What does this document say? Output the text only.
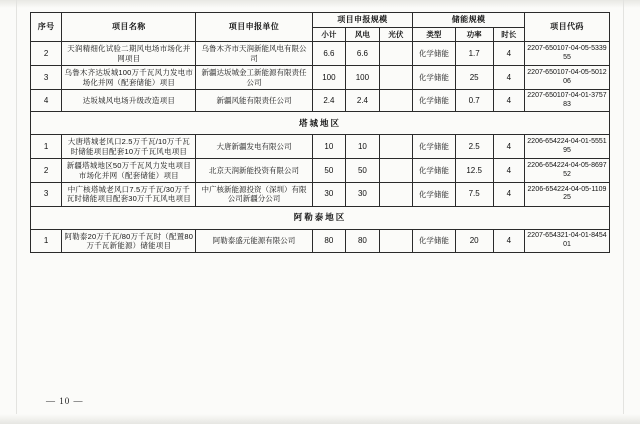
序号	项目名称	项目申报单位	项目申报规模			储能规模			项目代码
			小计	风电	光伏	类型	功率	时长	
2	天润精细化试验二期风电场市场化并网项目	乌鲁木齐市天润新能风电有限公司	6.6	6.6		化学储能	1.7	4	2207-650107-04-05-533955
3	乌鲁木齐达坂城100万千瓦风力发电市场化并网（配套储能）项目	新疆达坂城金工新能源有限责任公司	100	100		化学储能	25	4	2207-650107-04-05-501206
4	达坂城风电场升级改造项目	新疆风能有限责任公司	2.4	2.4		化学储能	0.7	4	2207-650107-04-01-375783
塔城地区									
1	大唐塔城老风口2.5万千瓦/10万千瓦时储能项目配套10万千瓦风电项目	大唐新疆发电有限公司	10	10		化学储能	2.5	4	2206-654224-04-01-555195
2	新疆塔城地区50万千瓦风力发电项目市场化并网（配套储能）项目	北京天润新能投资有限公司	50	50		化学储能	12.5	4	2206-654224-04-05-869752
3	中广核塔城老风口7.5万千瓦/30万千瓦时储能项目配套30万千瓦风电项目	中广核新能源投资（深圳）有限公司新疆分公司	30	30		化学储能	7.5	4	2206-654224-04-05-110925
阿勒泰地区									
1	阿勒泰20万千瓦/80万千瓦时（配置80万千瓦新能源）储能项目	阿勒泰盛元能源有限公司	80	80		化学储能	20	4	2207-654321-04-01-845401
— 10 —
